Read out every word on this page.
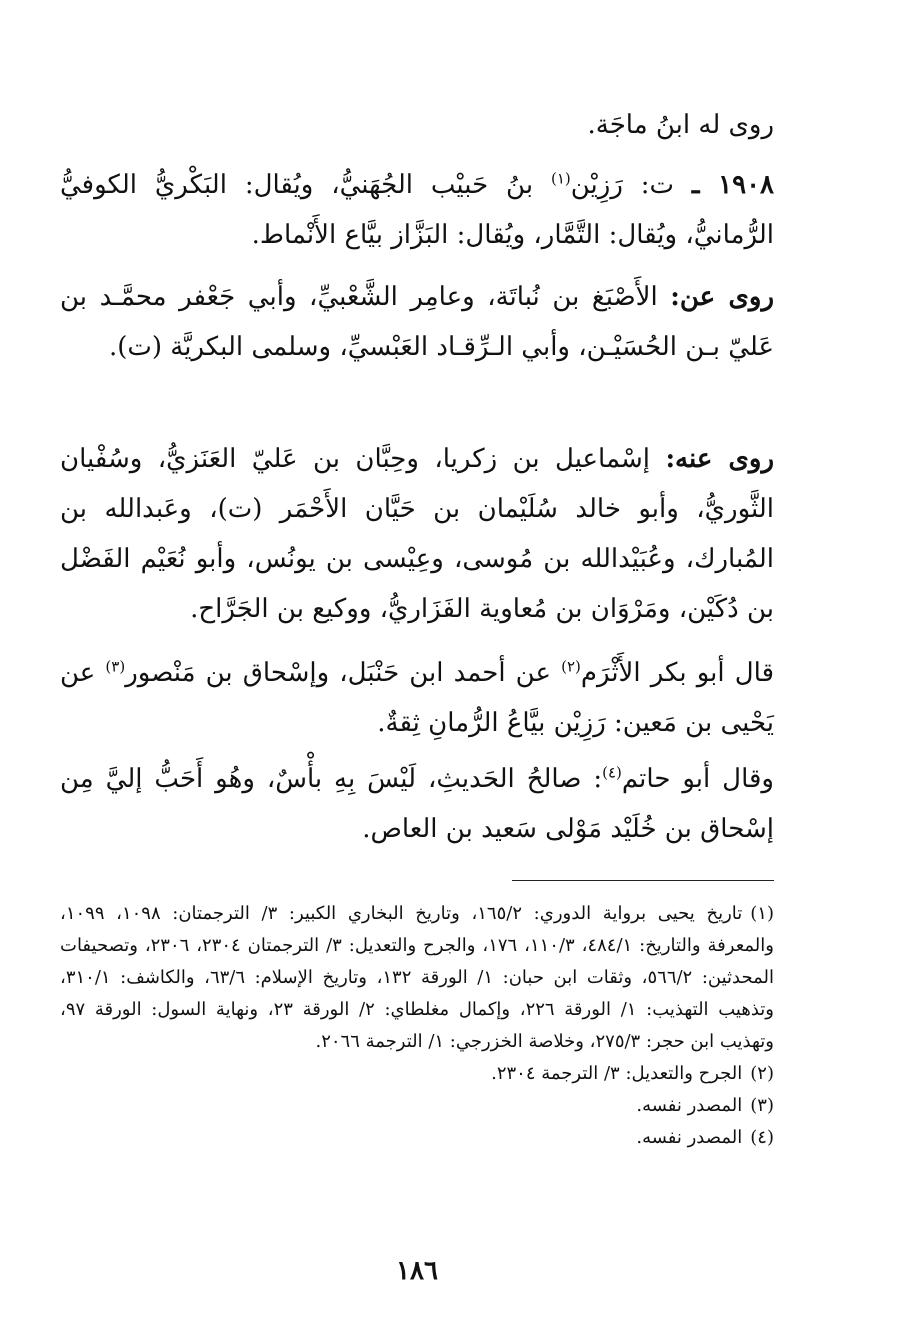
روى له ابنُ ماجَة.

١٩٠٨ ـ ت: رَزِيْن$^{(١)}$ بنُ حَبيْب الجُهَنيُّ، ويُقال: البَكْريُّ الكوفيُّ الرُّمانيُّ، ويُقال: التَّمَّار، ويُقال: البَزَّاز بيَّاع الأَنْماط.

روى عن: الأَصْبَغ بن نُباتَة، وعامِر الشَّعْبيِّ، وأبي جَعْفر محمَّـد بن عَليّ بـن الحُسَيْـن، وأبي الـرِّقـاد العَبْسيِّ، وسلمى البكريَّة (ت).

روى عنه: إسْماعيل بن زكريا، وحِبَّان بن عَليّ العَنَزيُّ، وسُفْيان الثَّوريُّ، وأبو خالد سُلَيْمان بن حَيَّان الأَحْمَر (ت)، وعَبدالله بن المُبارك، وعُبَيْدالله بن مُوسى، وعِيْسى بن يونُس، وأبو نُعَيْم الفَضْل بن دُكَيْن، ومَرْوَان بن مُعاوية الفَزَاريُّ، ووكيع بن الجَرَّاح.

قال أبو بكر الأَثْرَم$^{(٢)}$ عن أحمد ابن حَنْبَل، وإسْحاق بن مَنْصور$^{(٣)}$ عن يَحْيى بن مَعين: رَزِيْن بيَّاعُ الرُّمانِ ثِقةٌ.

وقال أبو حاتم$^{(٤)}$: صالحُ الحَديثِ، لَيْسَ بِهِ بأْسٌ، وهُو أَحَبُّ إليَّ مِن إسْحاق بن خُلَيْد مَوْلى سَعيد بن العاص.

(١)تاريخ يحيى برواية الدوري: ١٦٥/٢، وتاريخ البخاري الكبير: ٣/ الترجمتان: ١٠٩٨، ١٠٩٩، والمعرفة والتاريخ: ٤٨٤/١، ١١٠/٣، ١٧٦، والجرح والتعديل: ٣/ الترجمتان ٢٣٠٤، ٢٣٠٦، وتصحيفات المحدثين: ٥٦٦/٢، وثقات ابن حبان: ١/ الورقة ١٣٢، وتاريخ الإسلام: ٦٣/٦، والكاشف: ٣١٠/١، وتذهيب التهذيب: ١/ الورقة ٢٢٦، وإكمال مغلطاي: ٢/ الورقة ٢٣، ونهاية السول: الورقة ٩٧، وتهذيب ابن حجر: ٢٧٥/٣، وخلاصة الخزرجي: ١/ الترجمة ٢٠٦٦.

(٢)الجرح والتعديل: ٣/ الترجمة ٢٣٠٤.

(٣)المصدر نفسه.

(٤)المصدر نفسه.

١٨٦
